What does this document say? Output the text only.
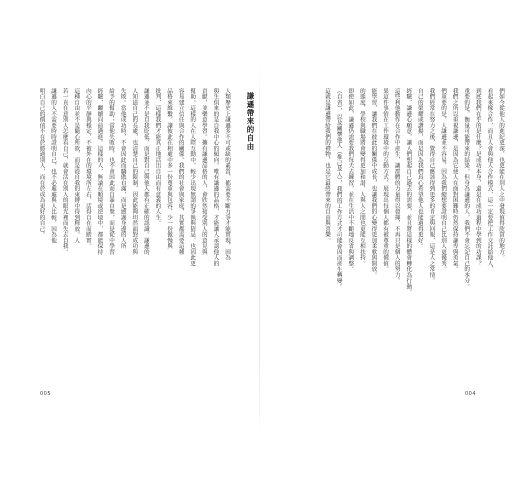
謙遜帶來的自由
人類歷史上謙遜多不可或缺的素質，都需要不斷力爭才能實現，因為
與生俱來的是自我中心的傾向。唯有謙遜的品格，才能讓人承認他人的
貢獻，並樂意學習。擁有謙遜品格的人，會欣然接受別人的意見與
幫助。這樣的人在人際互動中，較少出現無謂的爭執與猜忌，也因此更
容易建立信任與合作的關係。我們的社會與家庭，其實都需要這種
品格來維繫，讓彼此在相處中多一份尊重與包容，少一份傲慢與
批判，這樣我們才能真正地活出自由而有意義的人生。
謙遜並不是自我貶低，而是對自己與他人都有正確的認識。謙遜的
人知道自己的長處，也清楚自己的限制，因此能夠坦然面對成功與
失敗。當他成功時，不會因此而驕傲自滿，而是感謝身邊的人所
給予的幫助；當他失敗時，也不會因此而自暴自棄，而是從中學習
經驗，繼續向前邁進。這樣的人，無論在順境或逆境中，都能保持
內心的平靜與穩定，不被外在的環境所左右，活得自在而踏實。
這種自由並不是隨心所欲，而是從自我的束縛中得到釋放。人
若一直在意別人怎麼看自己，就會活在別人的眼光裡而失去自我。
謙遜的人不需要時時證明自己，也不必處處與人比較，因為他
明白自己的價值不在於勝過別人，而在於成為更好的自己。
005
們如今從他人的進紀更深，也更能在別人之中發現值得欣賞的地方。
看起來像合作，而且人會與他人合作模式，這一定要把工作交託給他人，
到底我們在乎的是什麼？是成功本身，還是在成功過程中學到的功課？
重要的是，衡量可能帶來的結果，但身為謙遜的人，我們不會忘記自己的本分。
我們之所以重視謙遜，是因為它使人在面對困難時仍然保持謙卑與勇氣。
們重要的是，人謙遜並不容易，因為我們總想要證明自己比別人更優秀。
我們經常在努力之後，覺得自己應該得到更多的肯定與回報，這是人之常情。
自己的榮耀或讚揚，而是因為我們真心希望他人也能過得更好。
經驗，謙遜心願意，讓人們想起自己過去的需要，並且將這樣的體會轉化為行動。
這些利他動作在合作中產生，讓群體的力量得以發揮，不再只是個人的努力。
果這件事情在工作環境中的互動方式，展現出每個人都有被尊重的價值。
能學習，讓我們在彼此的關係中成長，也讓我們的心變得更加柔軟與開放。
的態度，學校與職場將會變得更加和諧，人與人之間也更能互相扶持。
即便如此，謙遜仍需要我們每天去練習，並在生活中不斷地反省與調整。
（自省），以及關懷他人（推己及人），我們的工作方式才可能會因而產生轉變。
這就是謙遜帶給我們的禮物，也是它最終帶來的自由與喜樂。
004
